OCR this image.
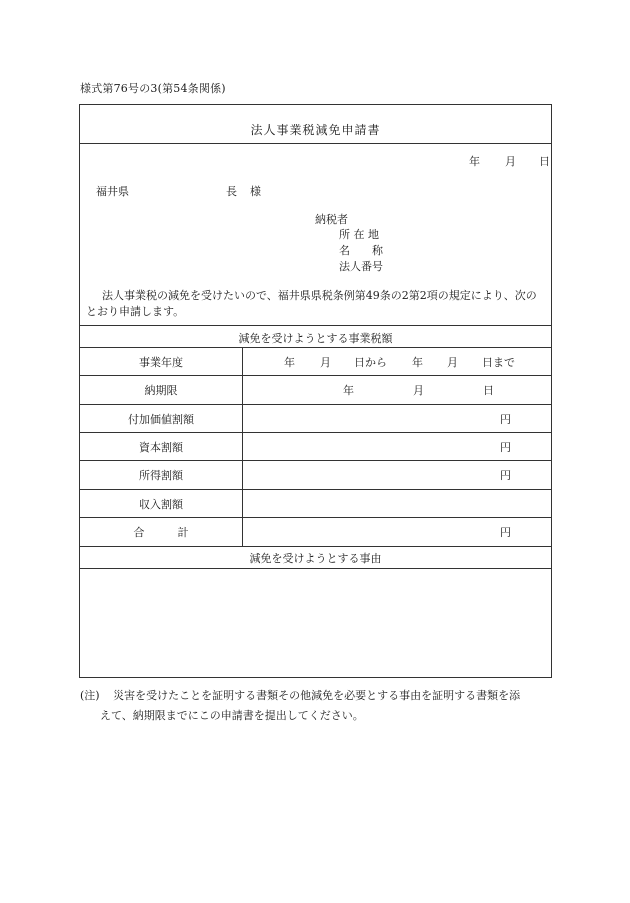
様式第76号の3(第54条関係)
法人事業税減免申請書
年 月 日
福井県	長 様
納税者
所 在 地
名　　称
法人番号
法人事業税の減免を受けたいので、福井県県税条例第49条の2第2項の規定により、次のとおり申請します。
減免を受けようとする事業税額
事業年度	年 月 日から 年 月 日まで
納期限	年	月	日
付加価値割額	円
資本割額	円
所得割額	円
収入割額
合　　　計	円
減免を受けようとする事由
(注) 災害を受けたことを証明する書類その他減免を必要とする事由を証明する書類を添
えて、納期限までにこの申請書を提出してください。
